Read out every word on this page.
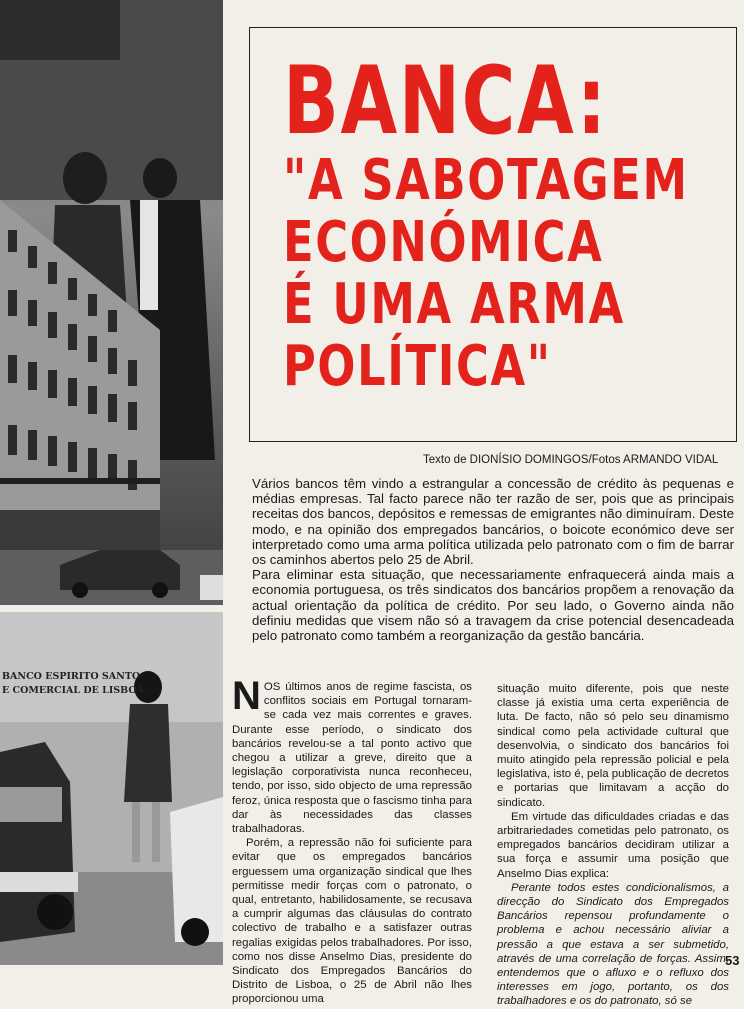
BANCO ESPIRITO SANTO
E COMERCIAL DE LISBOA
BANCA:
"A SABOTAGEM
ECONÓMICA
É UMA ARMA
POLÍTICA"
Texto de DIONÍSIO DOMINGOS/Fotos ARMANDO VIDAL

Vários bancos têm vindo a estrangular a concessão de crédito às pequenas e médias empresas. Tal facto parece não ter razão de ser, pois que as principais receitas dos bancos, depósitos e remessas de emigrantes não diminuíram. Deste modo, e na opinião dos empregados bancários, o boicote económico deve ser interpretado como uma arma política utilizada pelo patronato com o fim de barrar os caminhos abertos pelo 25 de Abril.

Para eliminar esta situação, que necessariamente enfraquecerá ainda mais a economia portuguesa, os três sindicatos dos bancários propõem a renovação da actual orientação da política de crédito. Por seu lado, o Governo ainda não definiu medidas que visem não só a travagem da crise potencial desencadeada pelo patronato como também a reorganização da gestão bancária.

NOS últimos anos de regime fascista, os conflitos sociais em Portugal tornaram-se cada vez mais correntes e graves. Durante esse período, o sindicato dos bancários revelou-se a tal ponto activo que chegou a utilizar a greve, direito que a legislação corporativista nunca reconheceu, tendo, por isso, sido objecto de uma repressão feroz, única resposta que o fascismo tinha para dar às necessidades das classes trabalhadoras.

Porém, a repressão não foi suficiente para evitar que os empregados bancários erguessem uma organização sindical que lhes permitisse medir forças com o patronato, o qual, entretanto, habilidosamente, se recusava a cumprir algumas das cláusulas do contrato colectivo de trabalho e a satisfazer outras regalias exigidas pelos trabalhadores. Por isso, como nos disse Anselmo Dias, presidente do Sindicato dos Empregados Bancários do Distrito de Lisboa, o 25 de Abril não lhes proporcionou uma

situação muito diferente, pois que neste classe já existia uma certa experiência de luta. De facto, não só pelo seu dinamismo sindical como pela actividade cultural que desenvolvia, o sindicato dos bancários foi muito atingido pela repressão policial e pela legislativa, isto é, pela publicação de decretos e portarias que limitavam a acção do sindicato.

Em virtude das dificuldades criadas e das arbitrariedades cometidas pelo patronato, os empregados bancários decidiram utilizar a sua força e assumir uma posição que Anselmo Dias explica:

Perante todos estes condicionalismos, a direcção do Sindicato dos Empregados Bancários repensou profundamente o problema e achou necessário aliviar a pressão a que estava a ser submetido, através de uma correlação de forças. Assim, entendemos que o afluxo e o refluxo dos interesses em jogo, portanto, os dos trabalhadores e os do patronato, só se

53
